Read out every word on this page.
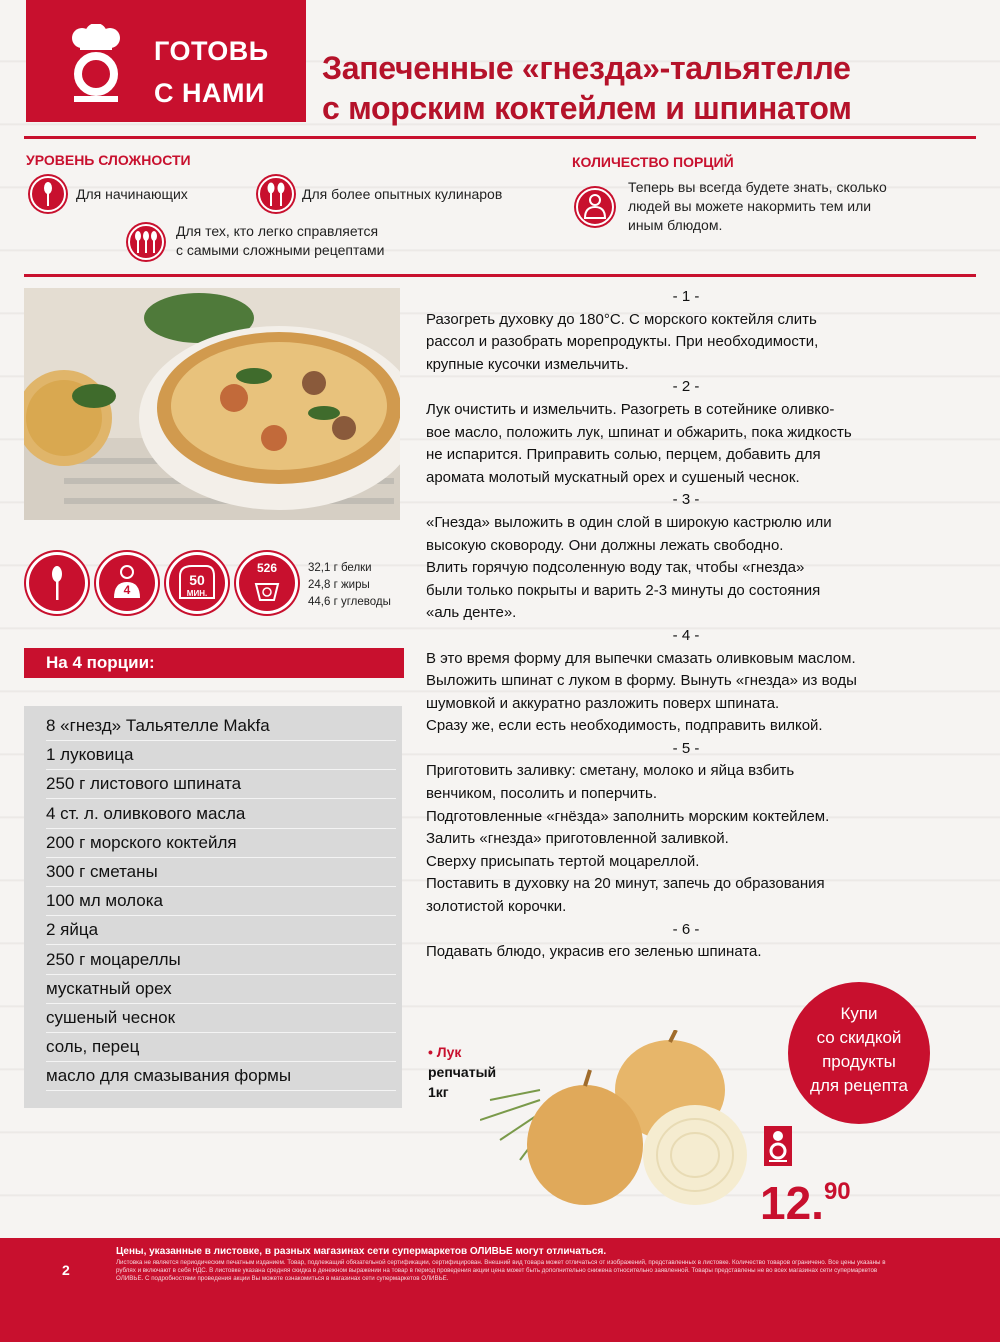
ГОТОВЬ
С НАМИ
Запеченные «гнезда»-тальятелле
с морским коктейлем и шпинатом
УРОВЕНЬ СЛОЖНОСТИ
Для начинающих	Для более опытных кулинаров
Для тех, кто легко справляется
с самыми сложными рецептами
КОЛИЧЕСТВО ПОРЦИЙ
Теперь вы всегда будете знать, сколько
людей вы можете накормить тем или
иным блюдом.
4
50
МИН.
526	32,1 г белки
24,8 г жиры
44,6 г углеводы
На 4 порции:
8 «гнезд» Тальятелле Makfa
1 луковица
250 г листового шпината
4 ст. л. оливкового масла
200 г морского коктейля
300 г сметаны
100 мл молока
2 яйца
250 г моцареллы
мускатный орех
сушеный чеснок
соль, перец
масло для смазывания формы
- 1 -
Разогреть духовку до 180°С. С морского коктейля слить
рассол и разобрать морепродукты. При необходимости,
крупные кусочки измельчить.
- 2 -
Лук очистить и измельчить. Разогреть в сотейнике оливко-
вое масло, положить лук, шпинат и обжарить, пока жидкость
не испарится. Приправить солью, перцем, добавить для
аромата молотый мускатный орех и сушеный чеснок.
- 3 -
«Гнезда» выложить в один слой в широкую кастрюлю или
высокую сковороду. Они должны лежать свободно.
Влить горячую подсоленную воду так, чтобы «гнезда»
были только покрыты и варить 2-3 минуты до состояния
«аль денте».
- 4 -
В это время форму для выпечки смазать оливковым маслом.
Выложить шпинат с луком в форму. Вынуть «гнезда» из воды
шумовкой и аккуратно разложить поверх шпината.
Сразу же, если есть необходимость, подправить вилкой.
- 5 -
Приготовить заливку: сметану, молоко и яйца взбить
венчиком, посолить и поперчить.
Подготовленные «гнёзда» заполнить морским коктейлем.
Залить «гнезда» приготовленной заливкой.
Сверху присыпать тертой моцареллой.
Поставить в духовку на 20 минут, запечь до образования
золотистой корочки.
- 6 -
Подавать блюдо, украсив его зеленью шпината.
Купи
со скидкой
продукты
для рецепта
• Лук
репчатый
1кг
12.90
2
Цены, указанные в листовке, в разных магазинах сети супермаркетов ОЛИВЬЕ могут отличаться.
Листовка не является периодическим печатным изданием. Товар, подлежащий обязательной сертификации, сертифицирован. Внешний вид товара может отличаться от изображений, представленных в листовке. Количество товаров ограничено. Все цены указаны в рублях и включают в себя НДС. В листовке указана средняя скидка в денежном выражении на товар в период проведения акции цена может быть дополнительно снижена относительно заявленной. Товары представлены не во всех магазинах сети супермаркетов ОЛИВЬЕ. С подробностями проведения акции Вы можете ознакомиться в магазинах сети супермаркетов ОЛИВЬЕ.
